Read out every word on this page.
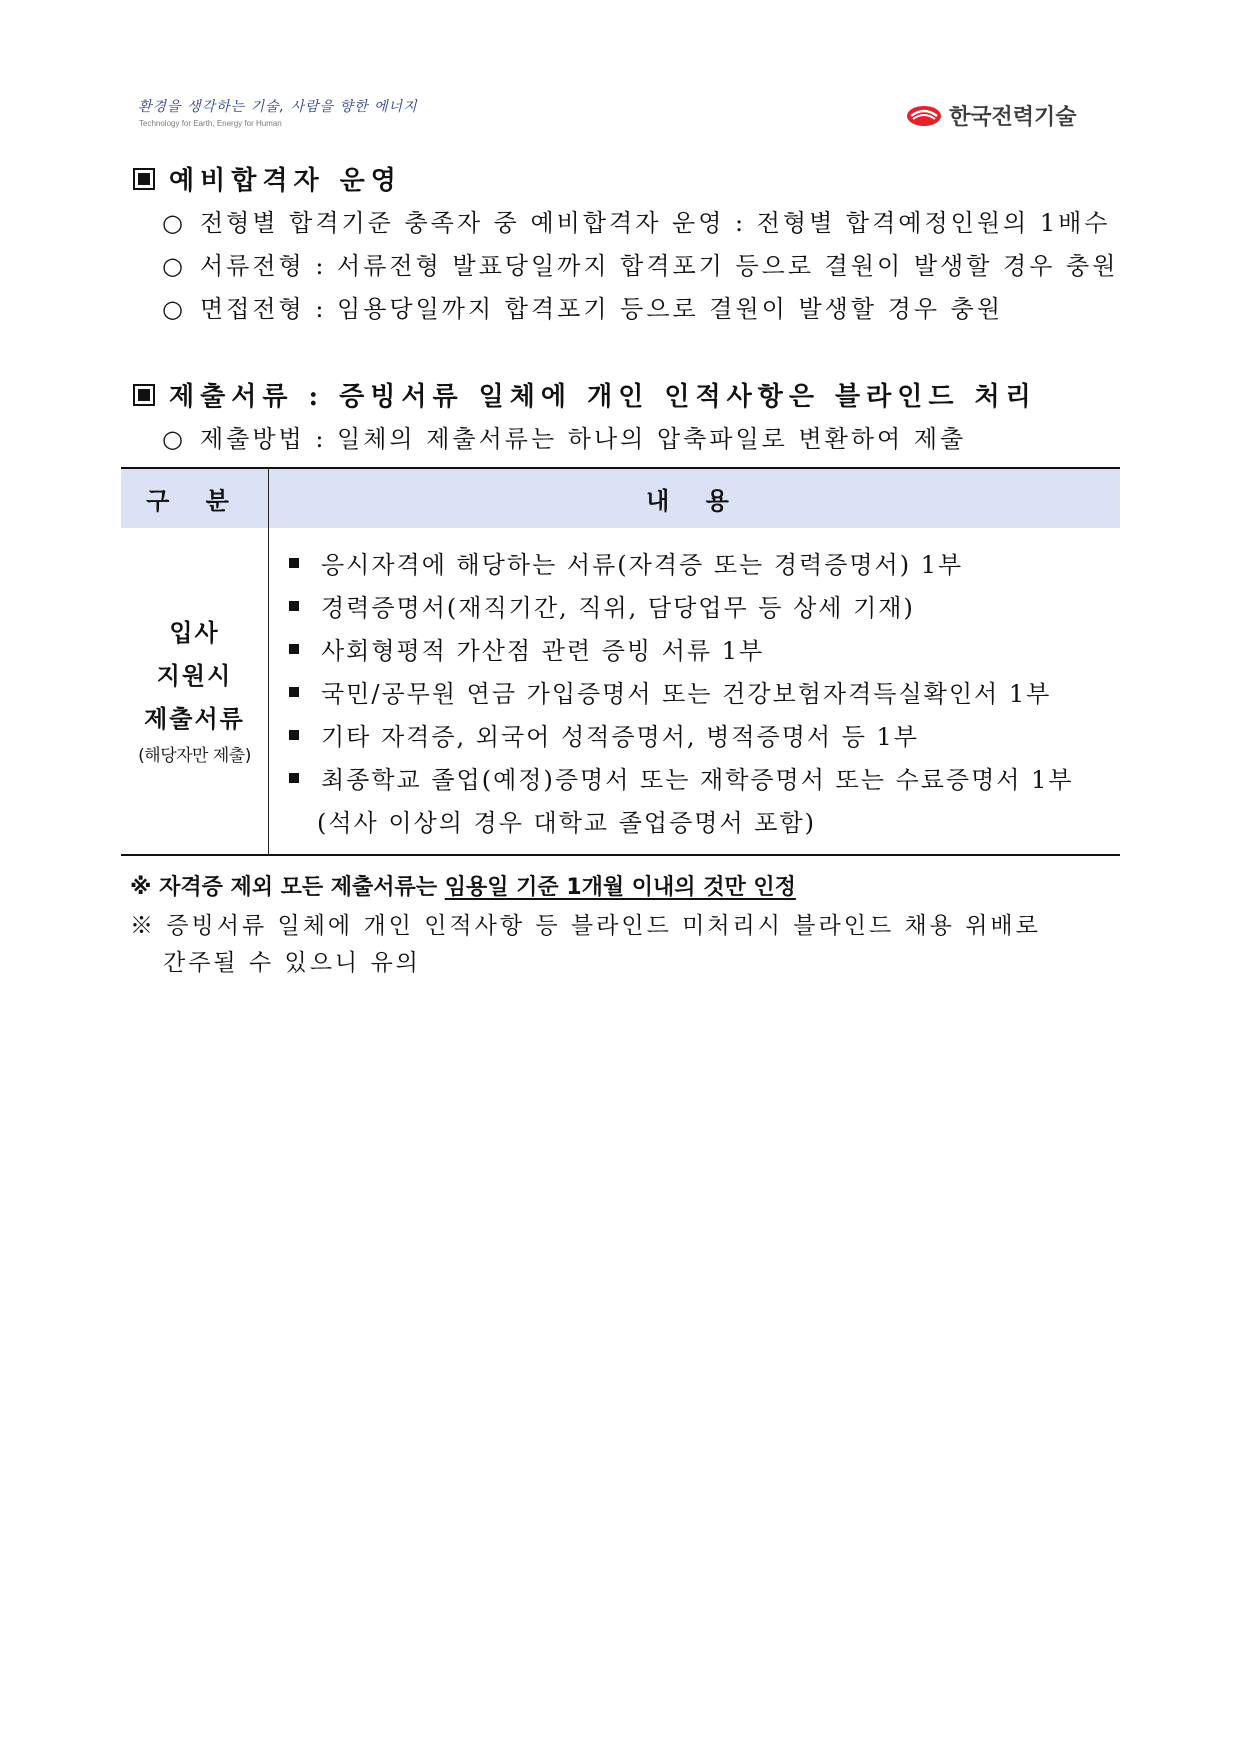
환경을 생각하는 기술, 사람을 향한 에너지
Technology for Earth, Energy for Human	한국전력기술
예비합격자 운영
○ 전형별 합격기준 충족자 중 예비합격자 운영 : 전형별 합격예정인원의 1배수
○ 서류전형 : 서류전형 발표당일까지 합격포기 등으로 결원이 발생할 경우 충원
○ 면접전형 : 임용당일까지 합격포기 등으로 결원이 발생할 경우 충원
제출서류 : 증빙서류 일체에 개인 인적사항은 블라인드 처리
○ 제출방법 : 일체의 제출서류는 하나의 압축파일로 변환하여 제출
구 분	내 용
입사
지원시
제출서류
(해당자만 제출)
응시자격에 해당하는 서류(자격증 또는 경력증명서) 1부
경력증명서(재직기간, 직위, 담당업무 등 상세 기재)
사회형평적 가산점 관련 증빙 서류 1부
국민/공무원 연금 가입증명서 또는 건강보험자격득실확인서 1부
기타 자격증, 외국어 성적증명서, 병적증명서 등 1부
최종학교 졸업(예정)증명서 또는 재학증명서 또는 수료증명서 1부
(석사 이상의 경우 대학교 졸업증명서 포함)
※ 자격증 제외 모든 제출서류는 임용일 기준 1개월 이내의 것만 인정
※ 증빙서류 일체에 개인 인적사항 등 블라인드 미처리시 블라인드 채용 위배로
간주될 수 있으니 유의
